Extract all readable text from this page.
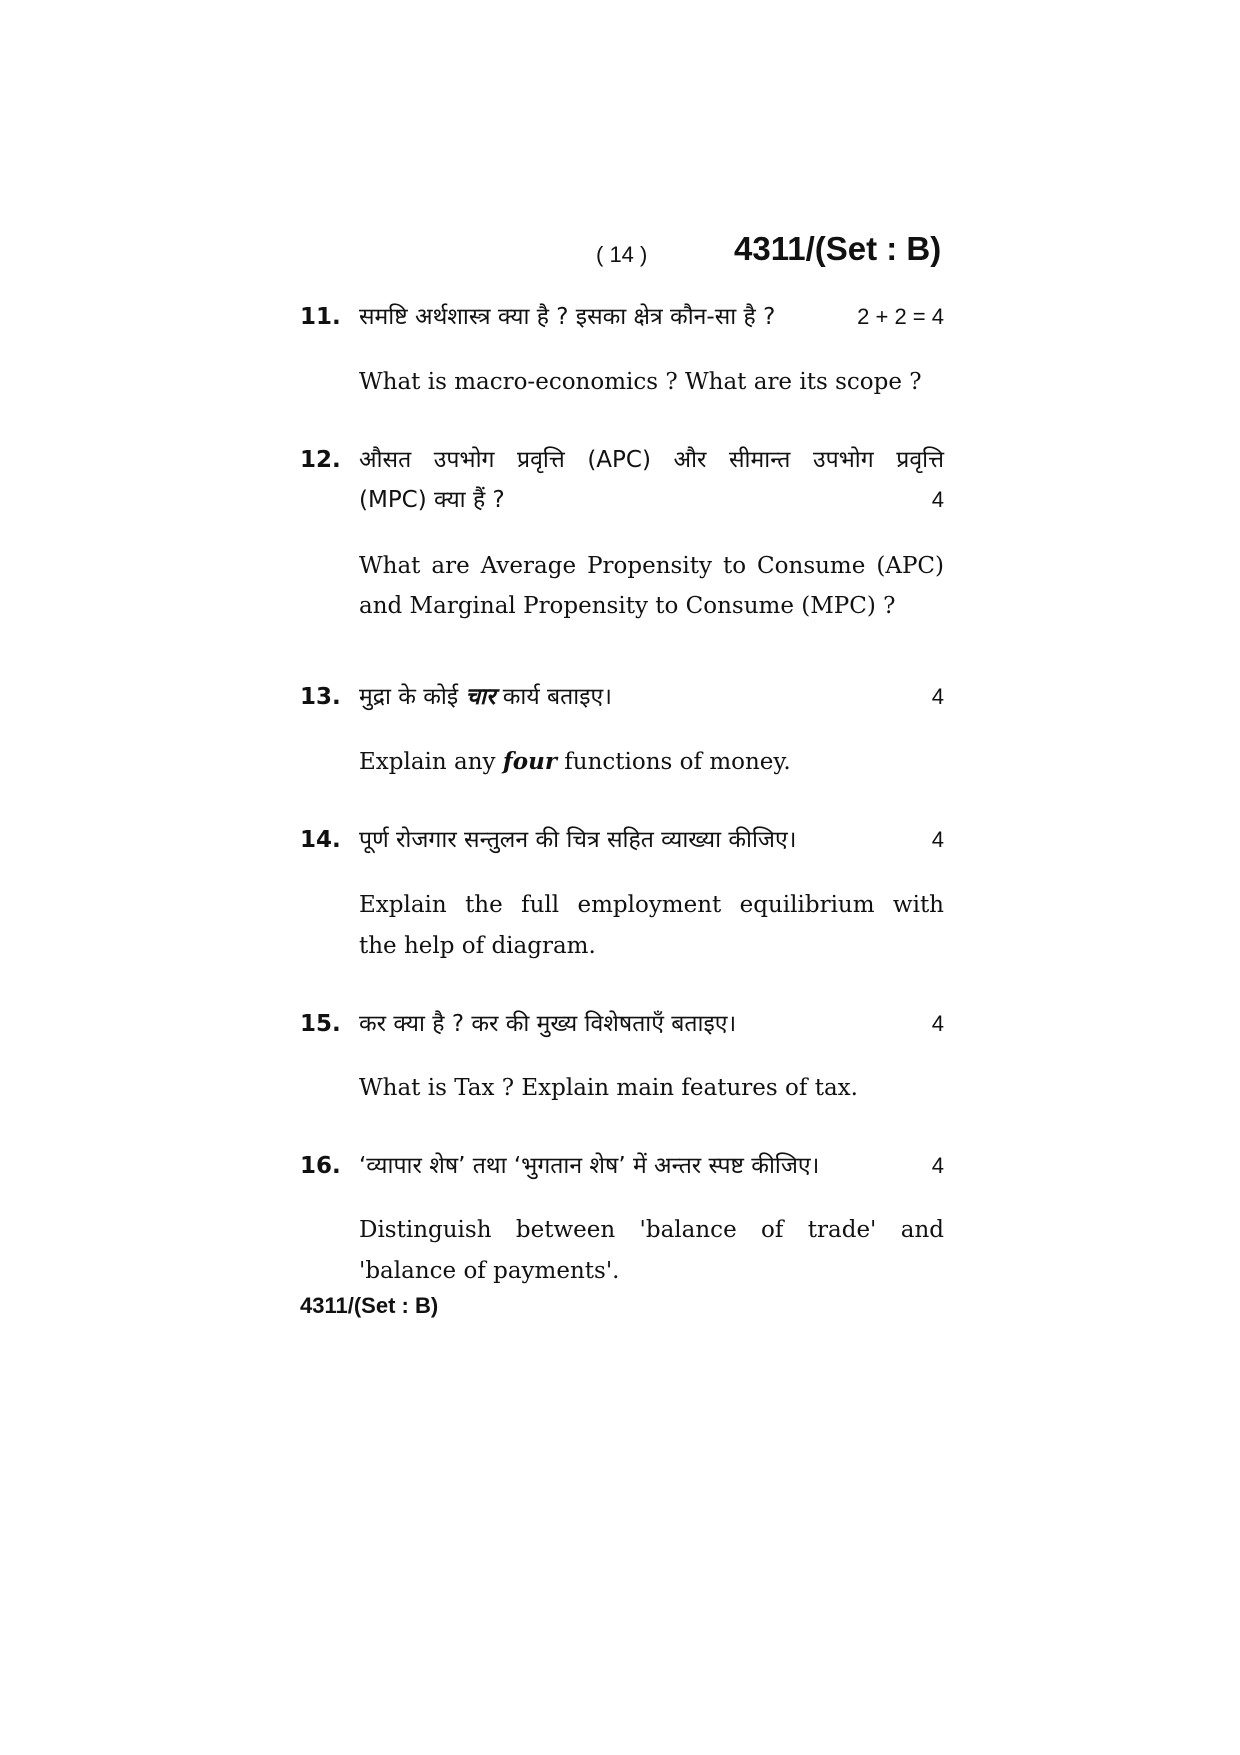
( 14 )	4311/(Set : B)
11. समष्टि अर्थशास्त्र क्या है ? इसका क्षेत्र कौन-सा है ?	2 + 2 = 4
What is macro-economics ? What are its scope ?
12. औसत उपभोग प्रवृत्ति (APC) और सीमान्त उपभोग प्रवृत्ति
(MPC) क्या हैं ?	4
What are Average Propensity to Consume (APC)
and Marginal Propensity to Consume (MPC) ?
13. मुद्रा के कोई चार कार्य बताइए।	4
Explain any four functions of money.
14. पूर्ण रोजगार सन्तुलन की चित्र सहित व्याख्या कीजिए।	4
Explain the full employment equilibrium with
the help of diagram.
15. कर क्या है ? कर की मुख्य विशेषताएँ बताइए।	4
What is Tax ? Explain main features of tax.
16. ‘व्यापार शेष’ तथा ‘भुगतान शेष’ में अन्तर स्पष्ट कीजिए।	4
Distinguish between 'balance of trade' and
'balance of payments'.
4311/(Set : B)
